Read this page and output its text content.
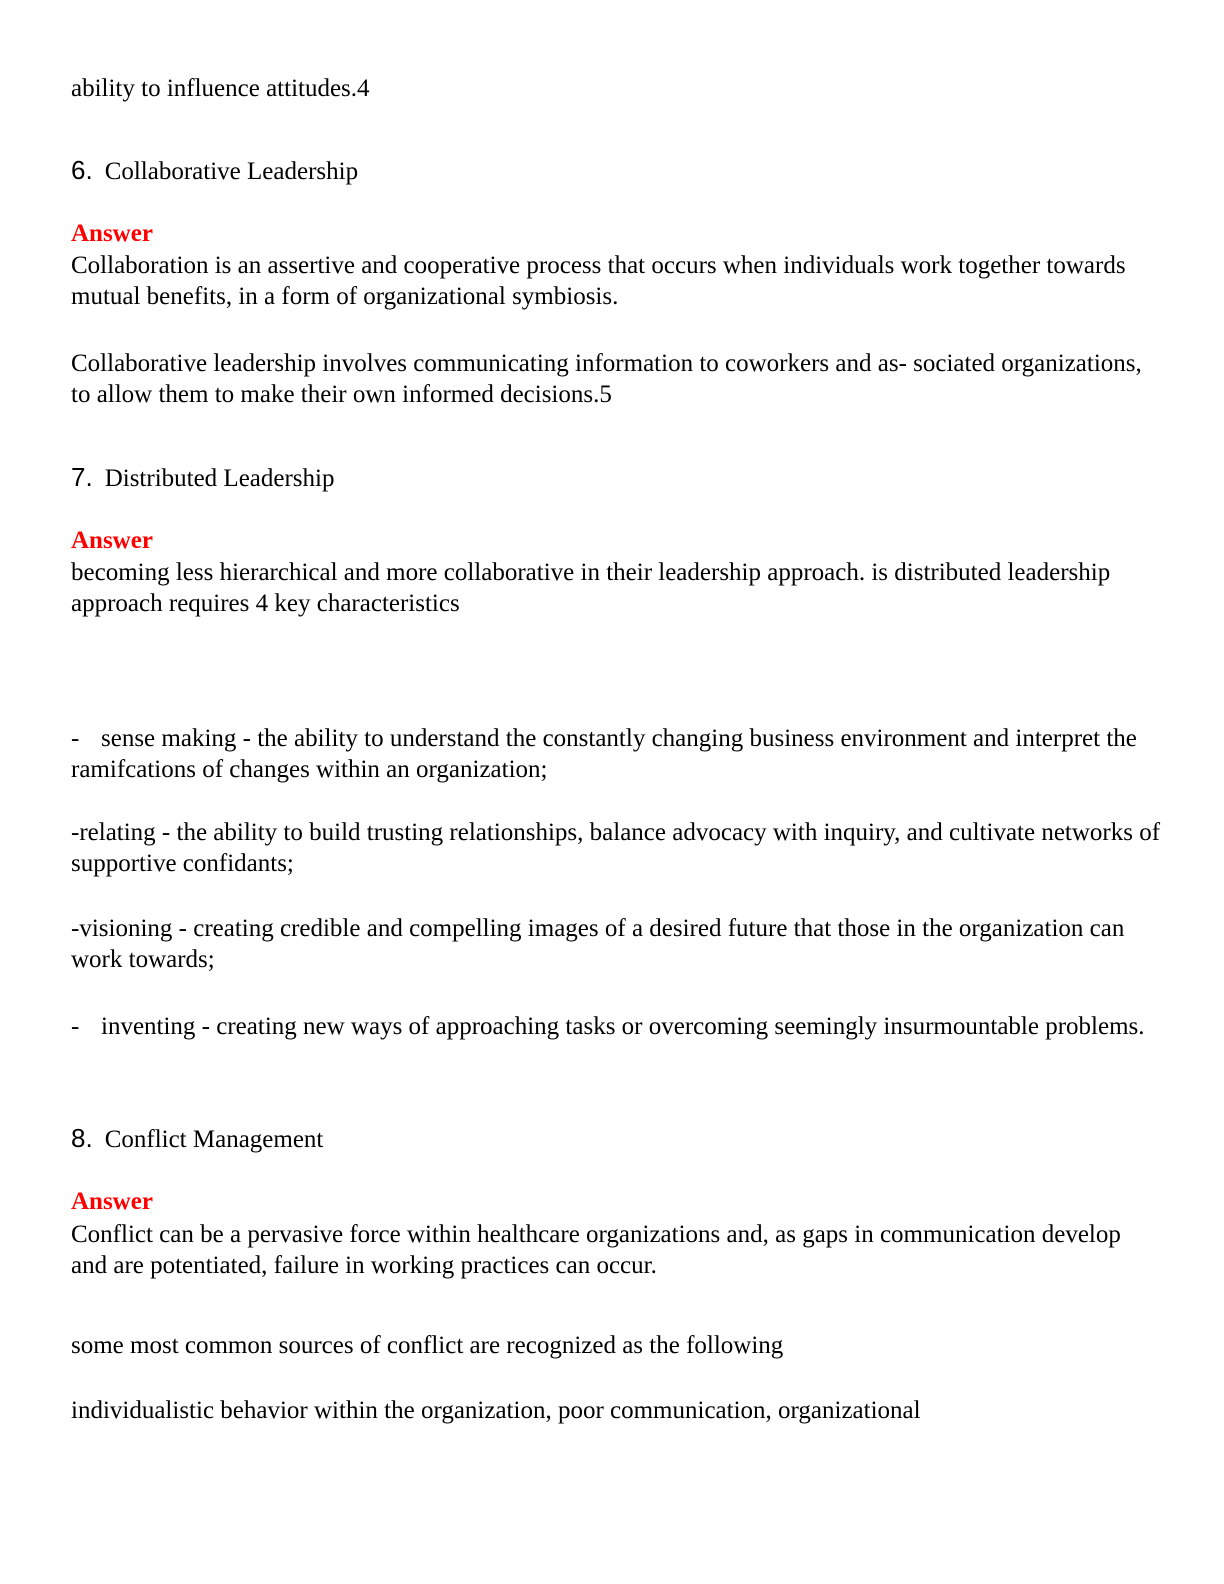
ability to influence attitudes.4
6. Collaborative Leadership
Answer
Collaboration is an assertive and cooperative process that occurs when individuals work together towards mutual benefits, in a form of organizational symbiosis.
Collaborative leadership involves communicating information to coworkers and as- sociated organizations, to allow them to make their own informed decisions.5
7. Distributed Leadership
Answer
becoming less hierarchical and more collaborative in their leadership approach. is distributed leadership approach requires 4 key characteristics
- sense making - the ability to understand the constantly changing business environment and interpret the ramifcations of changes within an organization;
-relating - the ability to build trusting relationships, balance advocacy with inquiry, and cultivate networks of supportive confidants;
-visioning - creating credible and compelling images of a desired future that those in the organization can work towards;
- inventing - creating new ways of approaching tasks or overcoming seemingly insurmountable problems.
8. Conflict Management
Answer
Conflict can be a pervasive force within healthcare organizations and, as gaps in communication develop and are potentiated, failure in working practices can occur.
some most common sources of conflict are recognized as the following
individualistic behavior within the organization, poor communication, organizational
